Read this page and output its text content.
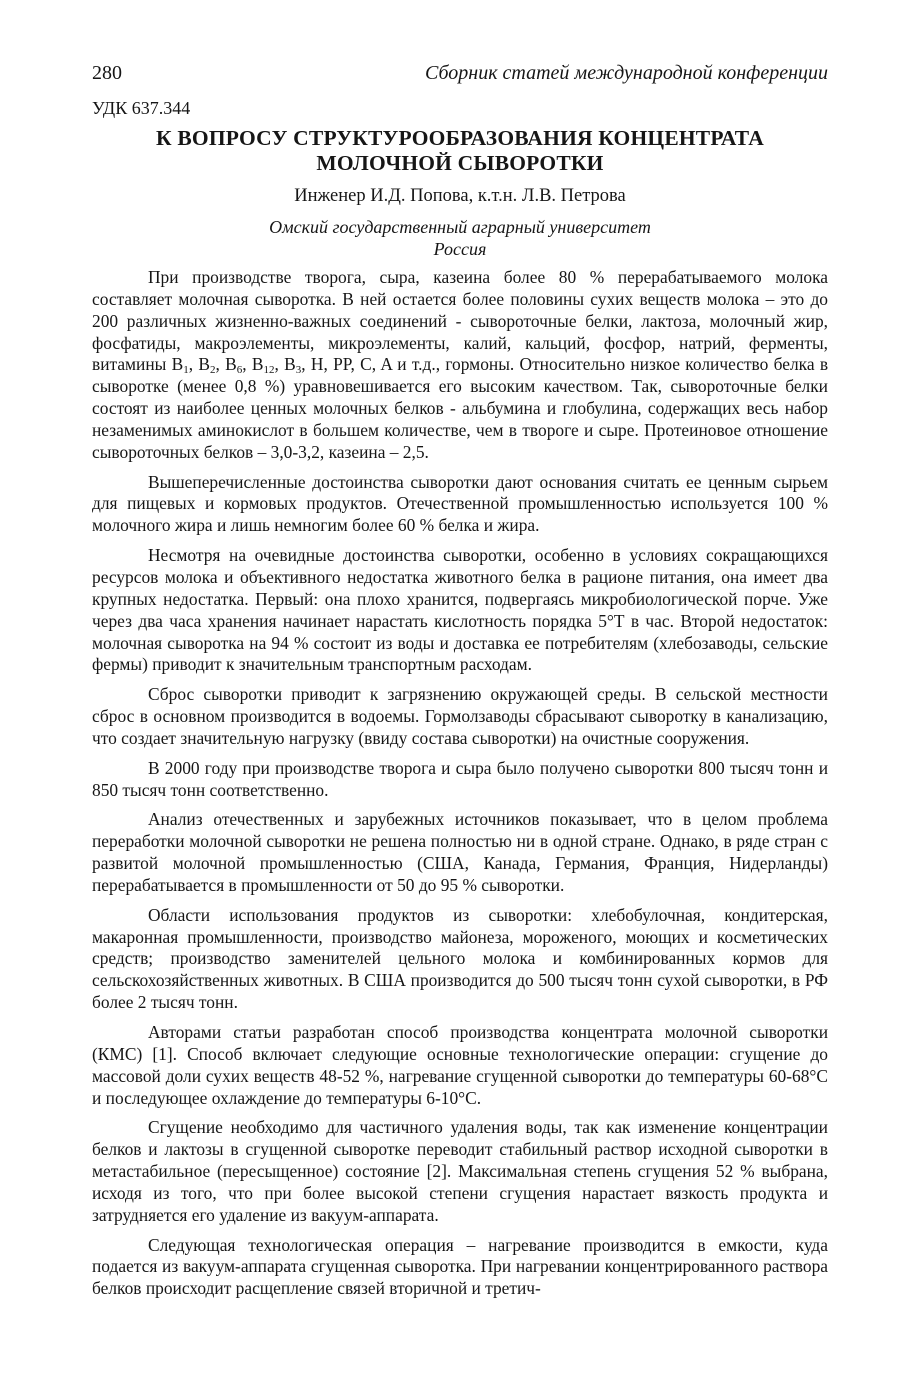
280	Сборник статей международной конференции
УДК 637.344
К ВОПРОСУ СТРУКТУРООБРАЗОВАНИЯ КОНЦЕНТРАТА
МОЛОЧНОЙ СЫВОРОТКИ
Инженер И.Д. Попова, к.т.н. Л.В. Петрова
Омский государственный аграрный университет
Россия

При производстве творога, сыра, казеина более 80 % перерабатываемого молока составляет молочная сыворотка. В ней остается более половины сухих веществ молока – это до 200 различных жизненно-важных соединений - сывороточные белки, лактоза, молочный жир, фосфатиды, макроэлементы, микроэлементы, калий, кальций, фосфор, натрий, ферменты, витамины $B_1$, $B_2$, $B_6$, $B_{12}$, $B_3$, H, PP, C, A и т.д., гормоны. Относительно низкое количество белка в сыворотке (менее 0,8 %) уравновешивается его высоким качеством. Так, сывороточные белки состоят из наиболее ценных молочных белков - альбумина и глобулина, содержащих весь набор незаменимых аминокислот в большем количестве, чем в твороге и сыре. Протеиновое отношение сывороточных белков – 3,0-3,2, казеина – 2,5.

Вышеперечисленные достоинства сыворотки дают основания считать ее ценным сырьем для пищевых и кормовых продуктов. Отечественной промышленностью используется 100 % молочного жира и лишь немногим более 60 % белка и жира.

Несмотря на очевидные достоинства сыворотки, особенно в условиях сокращающихся ресурсов молока и объективного недостатка животного белка в рационе питания, она имеет два крупных недостатка. Первый: она плохо хранится, подвергаясь микробиологической порче. Уже через два часа хранения начинает нарастать кислотность порядка 5°Т в час. Второй недостаток: молочная сыворотка на 94 % состоит из воды и доставка ее потребителям (хлебозаводы, сельские фермы) приводит к значительным транспортным расходам.

Сброс сыворотки приводит к загрязнению окружающей среды. В сельской местности сброс в основном производится в водоемы. Гормолзаводы сбрасывают сыворотку в канализацию, что создает значительную нагрузку (ввиду состава сыворотки) на очистные сооружения.

В 2000 году при производстве творога и сыра было получено сыворотки 800 тысяч тонн и 850 тысяч тонн соответственно.

Анализ отечественных и зарубежных источников показывает, что в целом проблема переработки молочной сыворотки не решена полностью ни в одной стране. Однако, в ряде стран с развитой молочной промышленностью (США, Канада, Германия, Франция, Нидерланды) перерабатывается в промышленности от 50 до 95 % сыворотки.

Области использования продуктов из сыворотки: хлебобулочная, кондитерская, макаронная промышленности, производство майонеза, мороженого, моющих и косметических средств; производство заменителей цельного молока и комбинированных кормов для сельскохозяйственных животных. В США производится до 500 тысяч тонн сухой сыворотки, в РФ более 2 тысяч тонн.

Авторами статьи разработан способ производства концентрата молочной сыворотки (КМС) [1]. Способ включает следующие основные технологические операции: сгущение до массовой доли сухих веществ 48-52 %, нагревание сгущенной сыворотки до температуры 60-68°С и последующее охлаждение до температуры 6-10°С.

Сгущение необходимо для частичного удаления воды, так как изменение концентрации белков и лактозы в сгущенной сыворотке переводит стабильный раствор исходной сыворотки в метастабильное (пересыщенное) состояние [2]. Максимальная степень сгущения 52 % выбрана, исходя из того, что при более высокой степени сгущения нарастает вязкость продукта и затрудняется его удаление из вакуум-аппарата.

Следующая технологическая операция – нагревание производится в емкости, куда подается из вакуум-аппарата сгущенная сыворотка. При нагревании концентрированного раствора белков происходит расщепление связей вторичной и третич-
